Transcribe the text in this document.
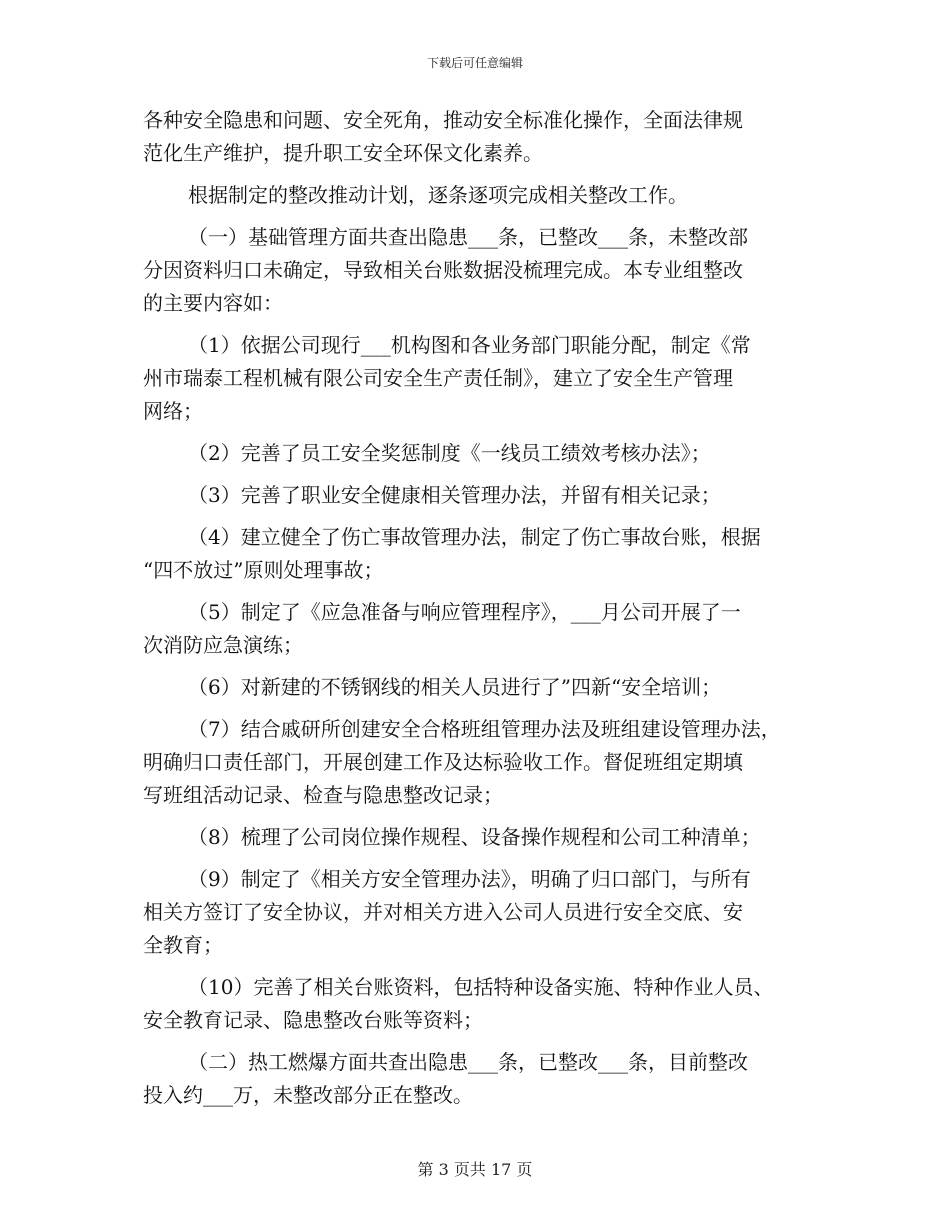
下载后可任意编辑

各种安全隐患和问题、安全死角，推动安全标准化操作，全面法律规

范化生产维护，提升职工安全环保文化素养。

根据制定的整改推动计划，逐条逐项完成相关整改工作。

（一）基础管理方面共查出隐患___条，已整改___条，未整改部

分因资料归口未确定，导致相关台账数据没梳理完成。本专业组整改

的主要内容如：

（1）依据公司现行___机构图和各业务部门职能分配，制定《常

州市瑞泰工程机械有限公司安全生产责任制》，建立了安全生产管理

网络；

（2）完善了员工安全奖惩制度《一线员工绩效考核办法》；

（3）完善了职业安全健康相关管理办法，并留有相关记录；

（4）建立健全了伤亡事故管理办法，制定了伤亡事故台账，根据

“四不放过”原则处理事故；

（5）制定了《应急准备与响应管理程序》，___月公司开展了一

次消防应急演练；

（6）对新建的不锈钢线的相关人员进行了”四新“安全培训；

（7）结合戚研所创建安全合格班组管理办法及班组建设管理办法，

明确归口责任部门，开展创建工作及达标验收工作。督促班组定期填

写班组活动记录、检查与隐患整改记录；

（8）梳理了公司岗位操作规程、设备操作规程和公司工种清单；

（9）制定了《相关方安全管理办法》，明确了归口部门，与所有

相关方签订了安全协议，并对相关方进入公司人员进行安全交底、安

全教育；

（10）完善了相关台账资料，包括特种设备实施、特种作业人员、

安全教育记录、隐患整改台账等资料；

（二）热工燃爆方面共查出隐患___条，已整改___条，目前整改

投入约___万，未整改部分正在整改。

第 3 页共 17 页
